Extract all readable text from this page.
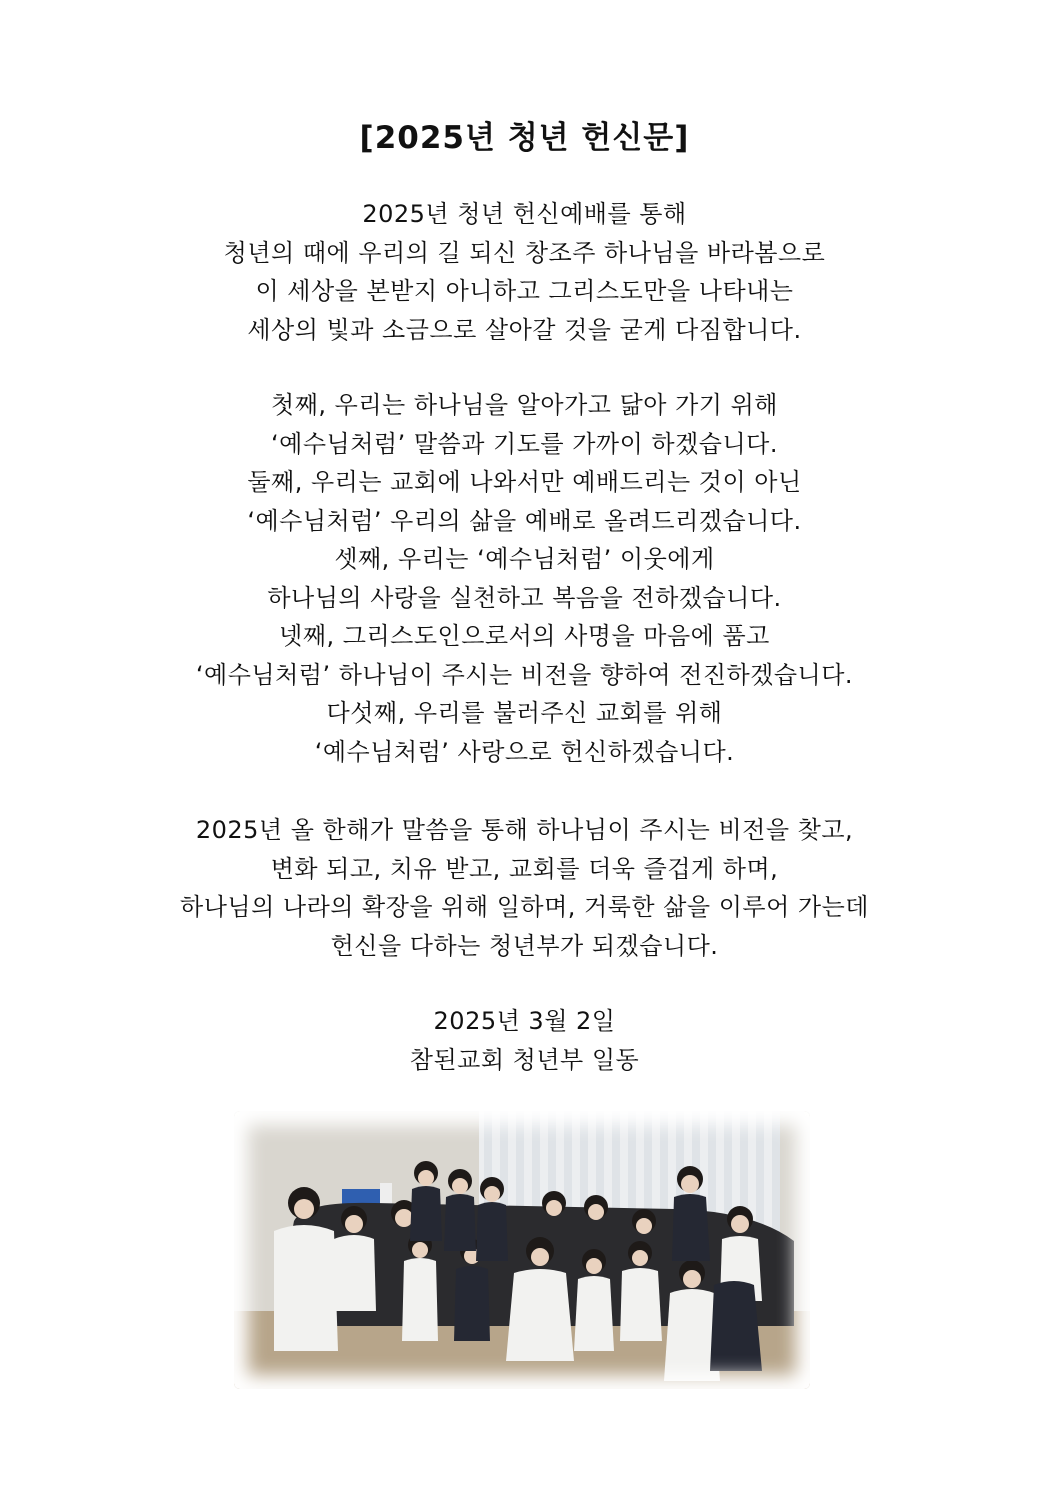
[2025년 청년 헌신문]
2025년 청년 헌신예배를 통해
청년의 때에 우리의 길 되신 창조주 하나님을 바라봄으로
이 세상을 본받지 아니하고 그리스도만을 나타내는
세상의 빛과 소금으로 살아갈 것을 굳게 다짐합니다.
첫째, 우리는 하나님을 알아가고 닮아 가기 위해
‘예수님처럼’ 말씀과 기도를 가까이 하겠습니다.
둘째, 우리는 교회에 나와서만 예배드리는 것이 아닌
‘예수님처럼’ 우리의 삶을 예배로 올려드리겠습니다.
셋째, 우리는 ‘예수님처럼’ 이웃에게
하나님의 사랑을 실천하고 복음을 전하겠습니다.
넷째, 그리스도인으로서의 사명을 마음에 품고
‘예수님처럼’ 하나님이 주시는 비전을 향하여 전진하겠습니다.
다섯째, 우리를 불러주신 교회를 위해
‘예수님처럼’ 사랑으로 헌신하겠습니다.
2025년 올 한해가 말씀을 통해 하나님이 주시는 비전을 찾고,
변화 되고, 치유 받고, 교회를 더욱 즐겁게 하며,
하나님의 나라의 확장을 위해 일하며, 거룩한 삶을 이루어 가는데
헌신을 다하는 청년부가 되겠습니다.
2025년 3월 2일
참된교회 청년부 일동
